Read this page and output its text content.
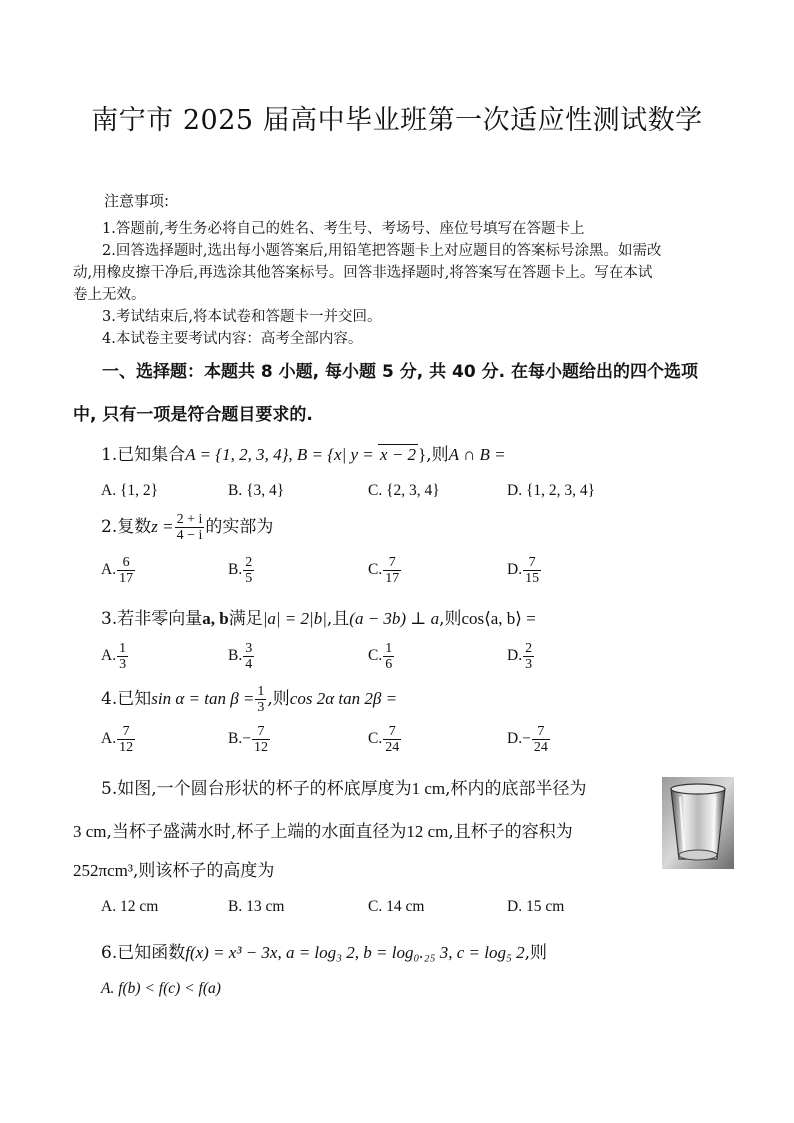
南宁市 2025 届高中毕业班第一次适应性测试数学
注意事项:
1.答题前,考生务必将自己的姓名、考生号、考场号、座位号填写在答题卡上
2.回答选择题时,选出每小题答案后,用铅笔把答题卡上对应题目的答案标号涂黑。如需改
动,用橡皮擦干净后,再选涂其他答案标号。回答非选择题时,将答案写在答题卡上。写在本试
卷上无效。
3.考试结束后,将本试卷和答题卡一并交回。
4.本试卷主要考试内容：高考全部内容。
一、选择题：本题共 8 小题, 每小题 5 分, 共 40 分. 在每小题给出的四个选项
中, 只有一项是符合题目要求的.
1.已知集合A = {1, 2, 3, 4}, B = {x| y = x − 2 },则A ∩ B =
A. {1, 2}	B. {3, 4}	C. {2, 3, 4}	D. {1, 2, 3, 4}
2.复数$z = \frac{2 + i}{4 - i}$ 的实部为
A. $\frac{6}{17}$	B. $\frac{2}{5}$	C. $\frac{7}{17}$	D. $\frac{7}{15}$
3.若非零向量a, b满足|a| = 2|b|,且(a − 3b) ⊥ a,则cos⟨a, b⟩ =
A. $\frac{1}{3}$	B. $\frac{3}{4}$	C. $\frac{1}{6}$	D. $\frac{2}{3}$
4.已知$\sin \alpha = \tan \beta = \frac{1}{3}$ ,则cos 2α tan 2β =
A. $\frac{7}{12}$	$B.- \frac{7}{12}$	C. $\frac{7}{24}$	$D.- \frac{7}{24}$
5.如图,一个圆台形状的杯子的杯底厚度为1 cm,杯内的底部半径为
3 cm,当杯子盛满水时,杯子上端的水面直径为12 cm,且杯子的容积为
252πcm³,则该杯子的高度为
A. 12 cm	B. 13 cm	C. 14 cm	D. 15 cm
6.已知函数f(x) = x³ − 3x, a = log₃ 2, b = log₀.₂₅ 3, c = log₅ 2,则
A. f(b) < f(c) < f(a)
